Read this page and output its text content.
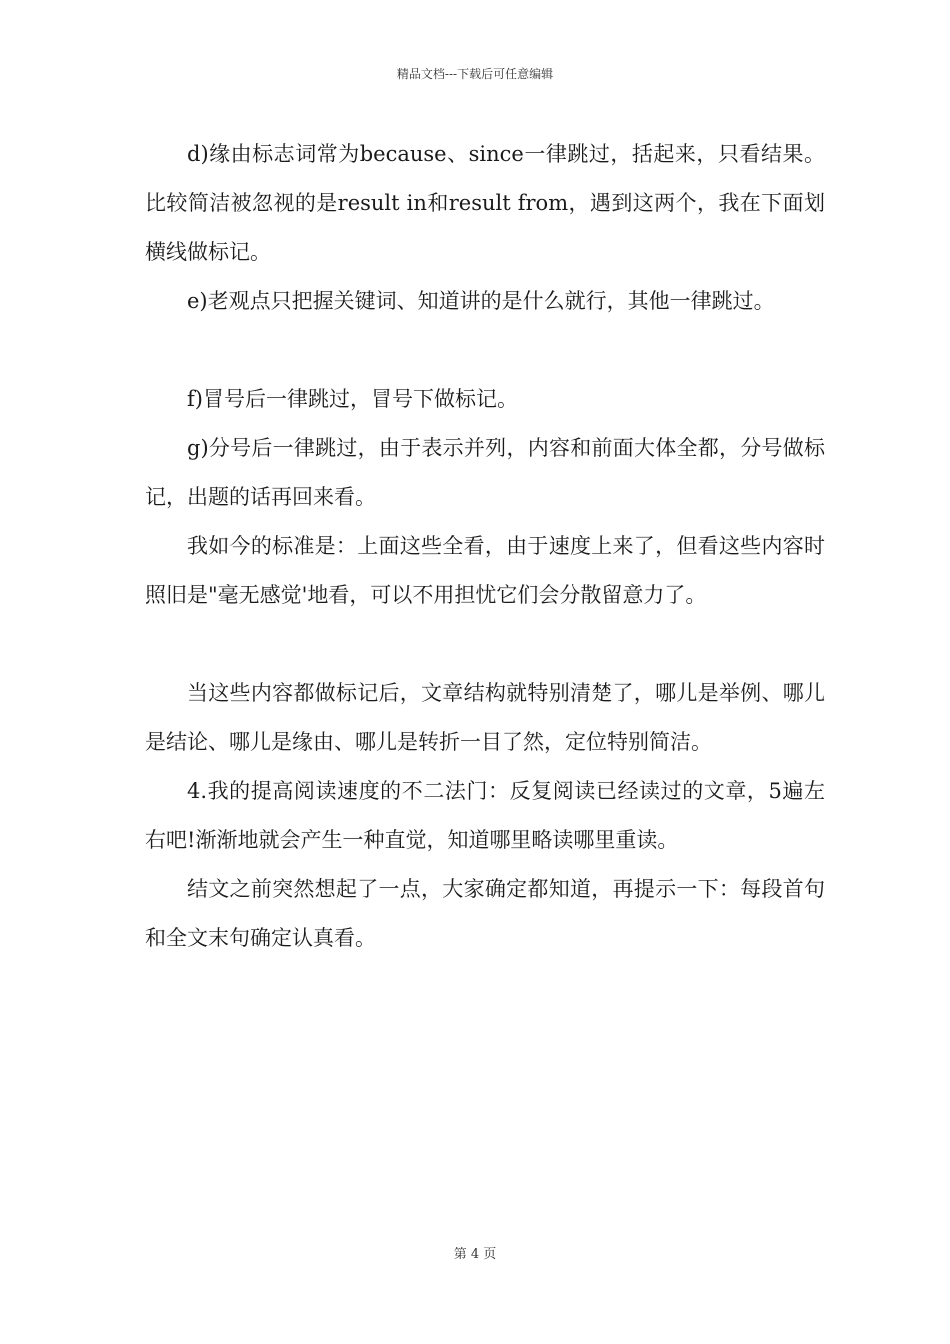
精品文档---下载后可任意编辑

d)缘由标志词常为because、since一律跳过，括起来，只看结果。比较简洁被忽视的是result in和result from，遇到这两个，我在下面划横线做标记。

e)老观点只把握关键词、知道讲的是什么就行，其他一律跳过。

f)冒号后一律跳过，冒号下做标记。

g)分号后一律跳过，由于表示并列，内容和前面大体全都，分号做标记，出题的话再回来看。

我如今的标准是：上面这些全看，由于速度上来了，但看这些内容时照旧是"毫无感觉'地看，可以不用担忧它们会分散留意力了。

当这些内容都做标记后，文章结构就特别清楚了，哪儿是举例、哪儿是结论、哪儿是缘由、哪儿是转折一目了然，定位特别简洁。

4.我的提高阅读速度的不二法门：反复阅读已经读过的文章，5遍左右吧!渐渐地就会产生一种直觉，知道哪里略读哪里重读。

结文之前突然想起了一点，大家确定都知道，再提示一下：每段首句和全文末句确定认真看。

第 4 页
